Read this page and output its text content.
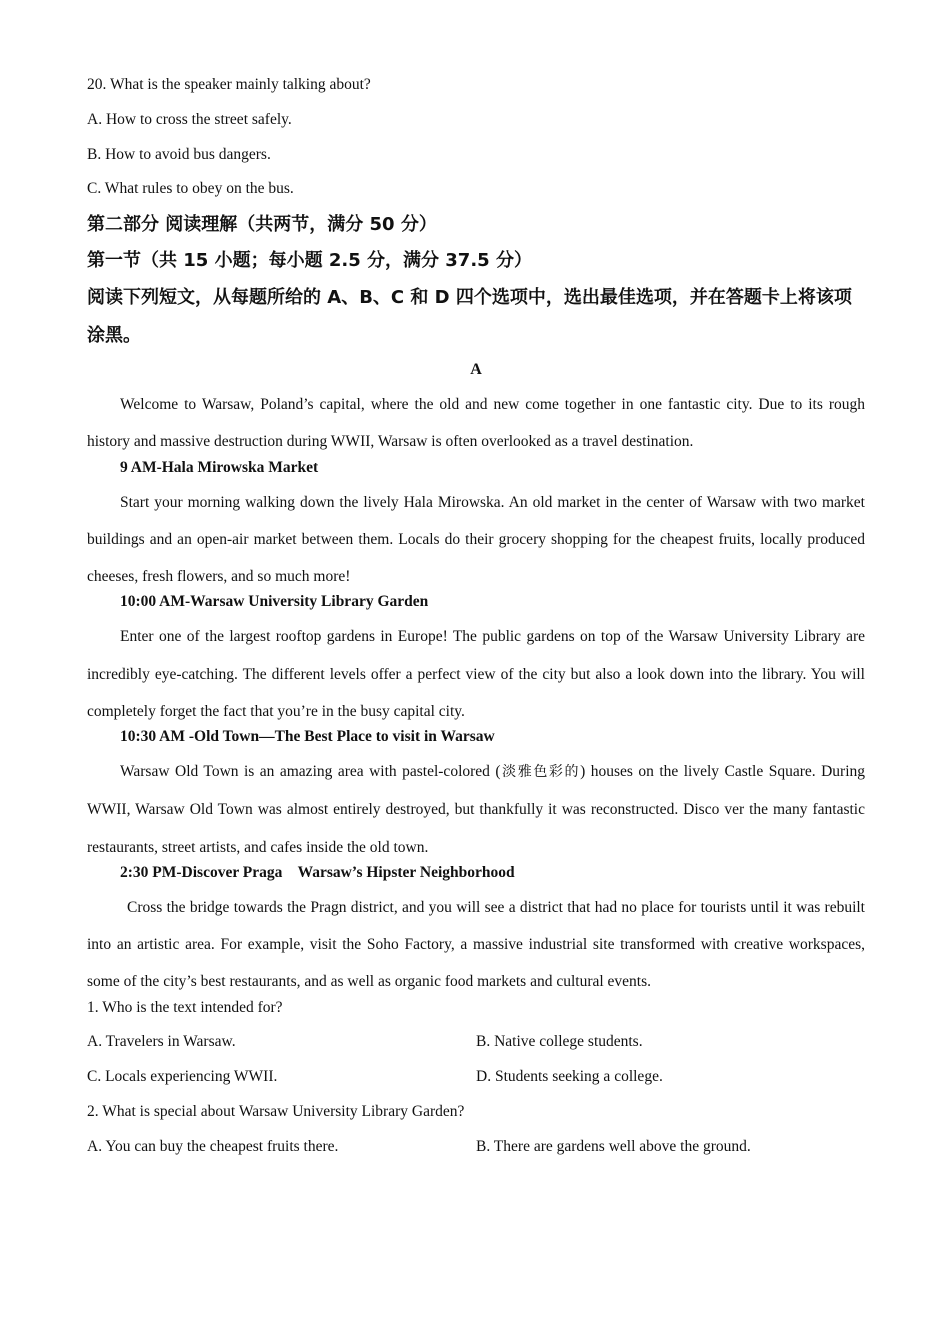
20. What is the speaker mainly talking about?
A. How to cross the street safely.
B. How to avoid bus dangers.
C. What rules to obey on the bus.
第二部分 阅读理解（共两节，满分 50 分）
第一节（共 15 小题；每小题 2.5 分，满分 37.5 分）
阅读下列短文，从每题所给的 A、B、C 和 D 四个选项中，选出最佳选项，并在答题卡上将该项涂黑。
A
Welcome to Warsaw, Poland’s capital, where the old and new come together in one fantastic city. Due to its rough history and massive destruction during WWII, Warsaw is often overlooked as a travel destination.
9 AM-Hala Mirowska Market
Start your morning walking down the lively Hala Mirowska. An old market in the center of Warsaw with two market buildings and an open-air market between them. Locals do their grocery shopping for the cheapest fruits, locally produced cheeses, fresh flowers, and so much more!
10:00 AM-Warsaw University Library Garden
Enter one of the largest rooftop gardens in Europe! The public gardens on top of the Warsaw University Library are incredibly eye-catching. The different levels offer a perfect view of the city but also a look down into the library. You will completely forget the fact that you’re in the busy capital city.
10:30 AM -Old Town—The Best Place to visit in Warsaw
Warsaw Old Town is an amazing area with pastel-colored (淡雅色彩的) houses on the lively Castle Square. During WWII, Warsaw Old Town was almost entirely destroyed, but thankfully it was reconstructed. Disco ver the many fantastic restaurants, street artists, and cafes inside the old town.
2:30 PM-Discover Praga    Warsaw’s Hipster Neighborhood
Cross the bridge towards the Pragn district, and you will see a district that had no place for tourists until it was rebuilt into an artistic area. For example, visit the Soho Factory, a massive industrial site transformed with creative workspaces, some of the city’s best restaurants, and as well as organic food markets and cultural events.
1. Who is the text intended for?
A. Travelers in Warsaw.	B. Native college students.
C. Locals experiencing WWII.	D. Students seeking a college.
2. What is special about Warsaw University Library Garden?
A. You can buy the cheapest fruits there.	B. There are gardens well above the ground.
